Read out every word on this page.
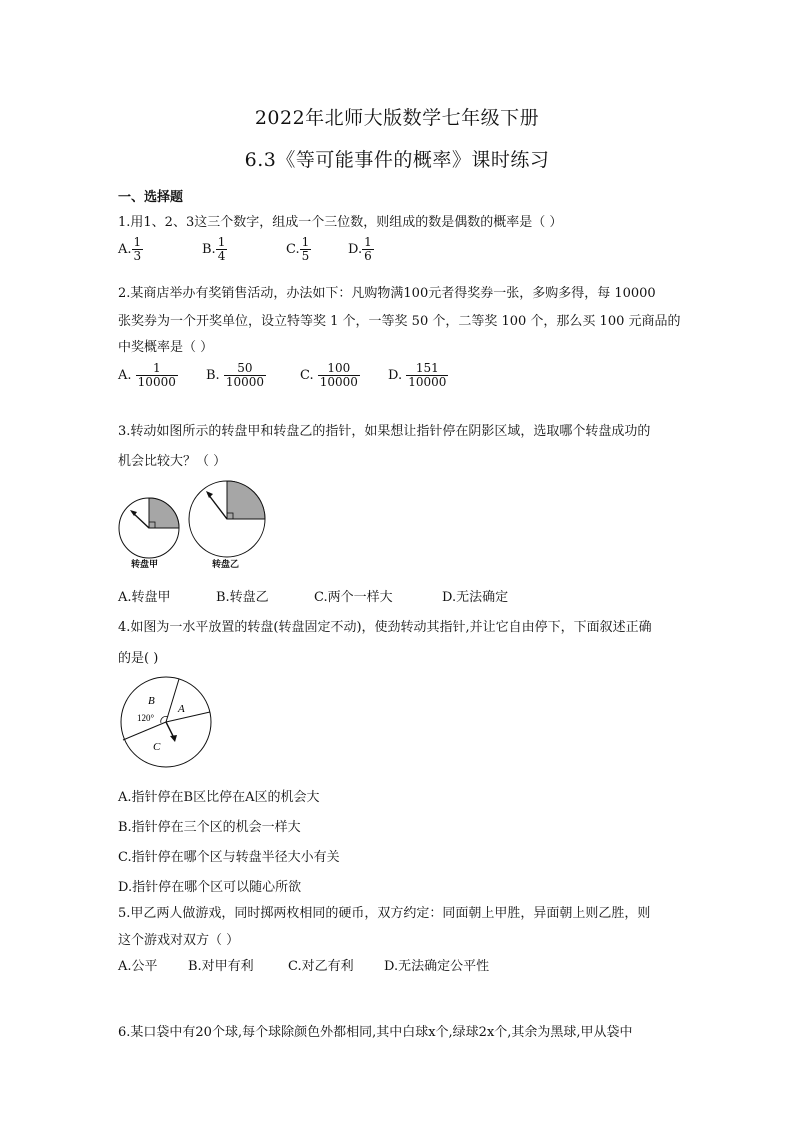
2022年北师大版数学七年级下册
6.3《等可能事件的概率》课时练习
一、选择题
1.用1、2、3这三个数字，组成一个三位数，则组成的数是偶数的概率是（ ）
A. $\frac{1}{3}$	B. $\frac{1}{4}$	C. $\frac{1}{5}$	D. $\frac{1}{6}$
2.某商店举办有奖销售活动，办法如下：凡购物满100元者得奖券一张，多购多得，每 10000
张奖券为一个开奖单位，设立特等奖 1 个，一等奖 50 个，二等奖 100 个，那么买 100 元商品的
中奖概率是（ ）
A. $\frac{1}{10000} B$. $\frac{50}{10000}$	C. $\frac{100}{10000} D$. $\frac{151}{10000}$
3.转动如图所示的转盘甲和转盘乙的指针，如果想让指针停在阴影区域，选取哪个转盘成功的
机会比较大？（ ）
转盘甲	转盘乙
A.转盘甲	B.转盘乙	C.两个一样大	D.无法确定
4.如图为一水平放置的转盘(转盘固定不动)，使劲转动其指针,并让它自由停下，下面叙述正确
的是( )
B
A
C
120°
A.指针停在B区比停在A区的机会大
B.指针停在三个区的机会一样大
C.指针停在哪个区与转盘半径大小有关
D.指针停在哪个区可以随心所欲
5.甲乙两人做游戏，同时掷两枚相同的硬币，双方约定：同面朝上甲胜，异面朝上则乙胜，则
这个游戏对双方（ ）
A.公平 B.对甲有利	C.对乙有利 D.无法确定公平性
6.某口袋中有20个球,每个球除颜色外都相同,其中白球x个,绿球2x个,其余为黑球,甲从袋中
